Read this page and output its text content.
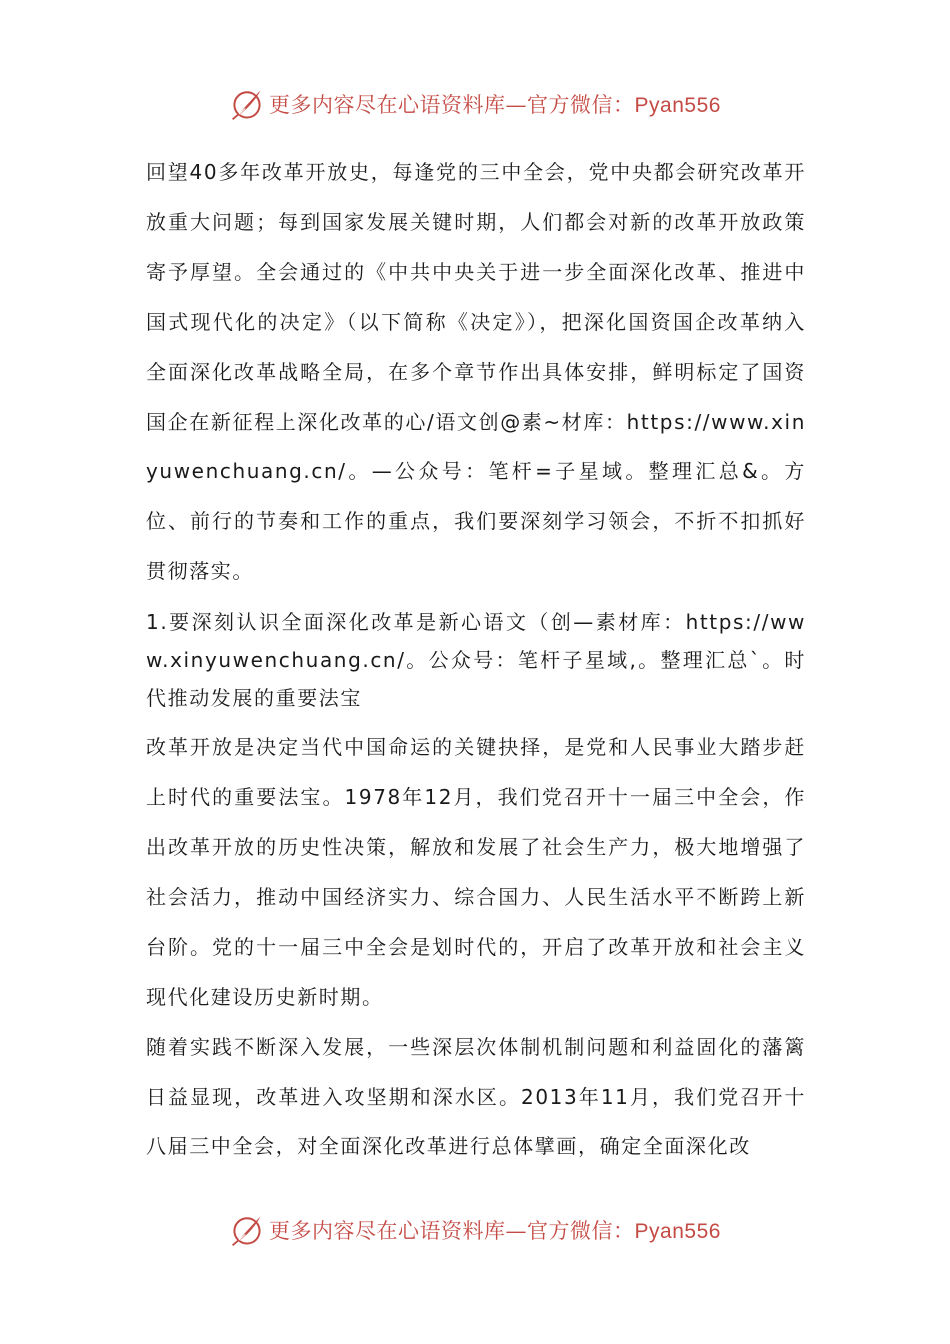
更多内容尽在心语资料库—官方微信：Pyan556

回望40多年改革开放史，每逢党的三中全会，党中央都会研究改革开放重大问题；每到国家发展关键时期，人们都会对新的改革开放政策寄予厚望。全会通过的《中共中央关于进一步全面深化改革、推进中国式现代化的决定》（以下简称《决定》），把深化国资国企改革纳入全面深化改革战略全局，在多个章节作出具体安排，鲜明标定了国资国企在新征程上深化改革的心/语文创@素~材库：https://www.xinyuwenchuang.cn/。—公众号：笔杆=子星域。整理汇总&。方位、前行的节奏和工作的重点，我们要深刻学习领会，不折不扣抓好贯彻落实。

1.要深刻认识全面深化改革是新心语文（创—素材库：https://www.xinyuwenchuang.cn/。公众号：笔杆子星域,。整理汇总`。时代推动发展的重要法宝

改革开放是决定当代中国命运的关键抉择，是党和人民事业大踏步赶上时代的重要法宝。1978年12月，我们党召开十一届三中全会，作出改革开放的历史性决策，解放和发展了社会生产力，极大地增强了社会活力，推动中国经济实力、综合国力、人民生活水平不断跨上新台阶。党的十一届三中全会是划时代的，开启了改革开放和社会主义现代化建设历史新时期。

随着实践不断深入发展，一些深层次体制机制问题和利益固化的藩篱日益显现，改革进入攻坚期和深水区。2013年11月，我们党召开十八届三中全会，对全面深化改革进行总体擘画，确定全面深化改

更多内容尽在心语资料库—官方微信：Pyan556
